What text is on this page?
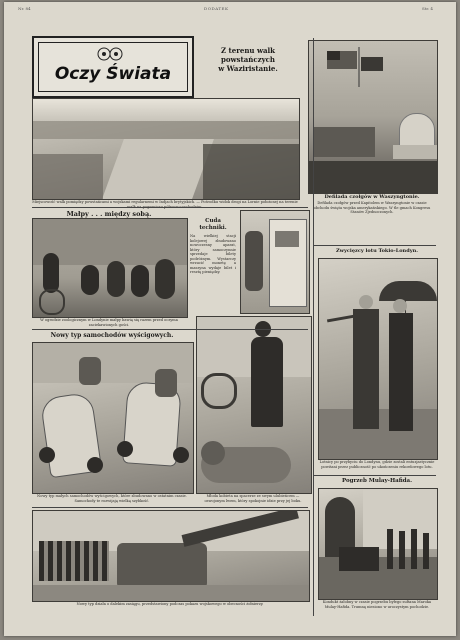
Nr. 84	DODATEK	Str. 4
Oczy Świata
Z terenu walk powstańczych
w Waziristanie.
Miejscowość walk pomiędzy powstańcami a wojskami regularnemi w Indjach brytyjskich. — Pośrodku widok drogi na Lornie położonej na terenie
Defilada czołgów w Waszyngtonie.
Defilada czołgów przed Kapitolem w Waszyngtonie w czasie obchodu święta wojska amerykańskiego. W tle gmach Kongresu Stanów Zjednoczonych.
Małpy . . . między sobą.
W ogrodzie zoologicznym w Londynie małpy bawią się razem przed oczyma zaciekawionych gości.
Cuda
techniki.
Na wielkiej stacji kolejowej zbudowano nowoczesny aparat, który samoczynnie sprzedaje bilety podróżnym. Wystarczy wrzucić monetę a maszyna wydaje bilet i resztę pieniędzy.
Zwycięzcy lotu Tokio-Londyn.
Lotnicy po przybyciu do Londynu, gdzie zostali entuzjastycznie powitani przez publiczność po ukończeniu rekordowego lotu.
Nowy typ samochodów wyścigowych.
Nowy typ małych samochodów wyścigowych, które zbudowano w ostatnim czasie. Samochody te rozwijają wielką szybkość.
Młoda kobieta na spacerze ze swym ulubieńcem — oswojonym lwem, który spokojnie idzie przy jej boku.
Pogrzeb Mulay-Hafida.
Kondukt żałobny w czasie pogrzebu byłego sułtana Maroka Mulay-Hafida. Trumnę niesiono w uroczystym pochodzie.
Nowy typ działa o dalekim zasięgu, przedstawiony podczas pokazu wojskowego w obecności żołnierzy.
